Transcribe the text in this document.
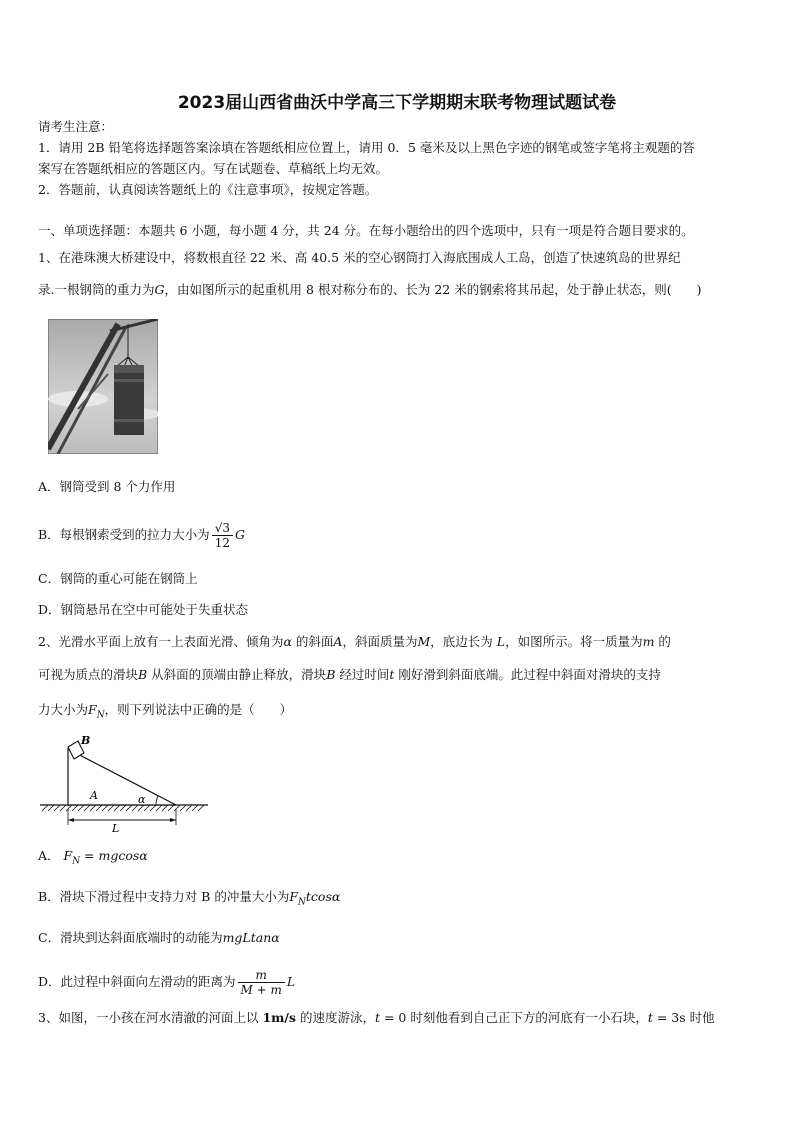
2023届山西省曲沃中学高三下学期期末联考物理试题试卷
请考生注意：
1．请用 2B 铅笔将选择题答案涂填在答题纸相应位置上，请用 0．5 毫米及以上黑色字迹的钢笔或签字笔将主观题的答
案写在答题纸相应的答题区内。写在试题卷、草稿纸上均无效。
2．答题前，认真阅读答题纸上的《注意事项》，按规定答题。
一、单项选择题：本题共 6 小题，每小题 4 分，共 24 分。在每小题给出的四个选项中，只有一项是符合题目要求的。
1、在港珠澳大桥建设中，将数根直径 22 米、高 40.5 米的空心钢筒打入海底围成人工岛，创造了快速筑岛的世界纪
录.一根钢筒的重力为G，由如图所示的起重机用 8 根对称分布的、长为 22 米的钢索将其吊起，处于静止状态，则(　　)
A．钢筒受到 8 个力作用
B．每根钢索受到的拉力大小为 $\frac{√3}{12}$ G
C．钢筒的重心可能在钢筒上
D．钢筒悬吊在空中可能处于失重状态
2、光滑水平面上放有一上表面光滑、倾角为α 的斜面A，斜面质量为M，底边长为 L，如图所示。将一质量为m 的
可视为质点的滑块B 从斜面的顶端由静止释放，滑块B 经过时间t 刚好滑到斜面底端。此过程中斜面对滑块的支持
力大小为$F_N$，则下列说法中正确的是（　　）
B
A	α
L
A． $F_N = mgcos\alpha$
B．滑块下滑过程中支持力对 B 的冲量大小为$F_Ntcos\alpha$
C．滑块到达斜面底端时的动能为mgLtanα
D．此过程中斜面向左滑动的距离为 $\frac{m}{M + m}$ L
3、如图，一小孩在河水清澈的河面上以 1m/s 的速度游泳，t = 0 时刻他看到自己正下方的河底有一小石块，t = 3s 时他
